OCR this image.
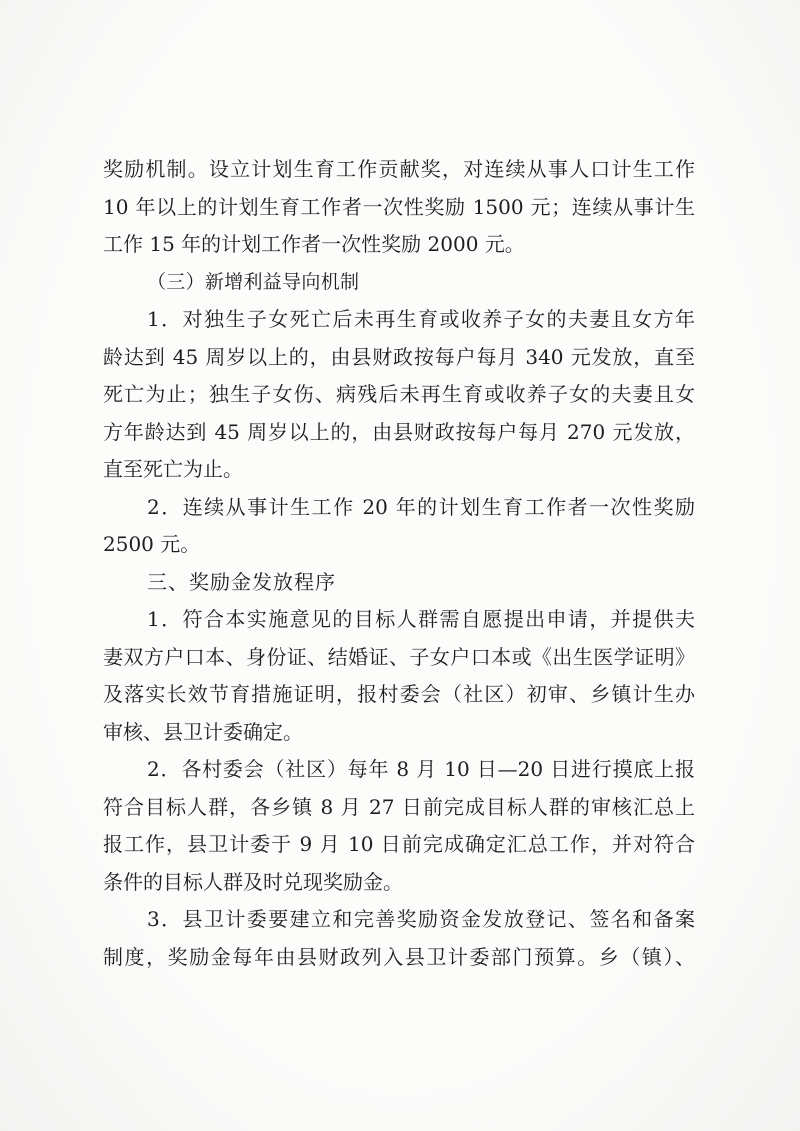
奖励机制。设立计划生育工作贡献奖，对连续从事人口计生工作
10 年以上的计划生育工作者一次性奖励 1500 元；连续从事计生
工作 15 年的计划工作者一次性奖励 2000 元。
（三）新增利益导向机制
1．对独生子女死亡后未再生育或收养子女的夫妻且女方年
龄达到 45 周岁以上的，由县财政按每户每月 340 元发放，直至
死亡为止；独生子女伤、病残后未再生育或收养子女的夫妻且女
方年龄达到 45 周岁以上的，由县财政按每户每月 270 元发放，
直至死亡为止。
2．连续从事计生工作 20 年的计划生育工作者一次性奖励
2500 元。
三、奖励金发放程序
1．符合本实施意见的目标人群需自愿提出申请，并提供夫
妻双方户口本、身份证、结婚证、子女户口本或《出生医学证明》
及落实长效节育措施证明，报村委会（社区）初审、乡镇计生办
审核、县卫计委确定。
2．各村委会（社区）每年 8 月 10 日—20 日进行摸底上报
符合目标人群，各乡镇 8 月 27 日前完成目标人群的审核汇总上
报工作，县卫计委于 9 月 10 日前完成确定汇总工作，并对符合
条件的目标人群及时兑现奖励金。
3．县卫计委要建立和完善奖励资金发放登记、签名和备案
制度，奖励金每年由县财政列入县卫计委部门预算。乡（镇）、
